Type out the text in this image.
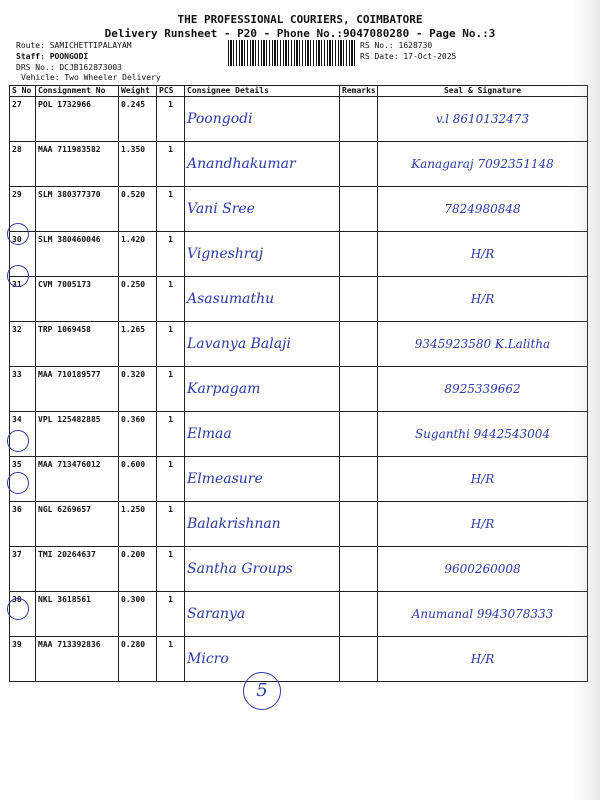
THE PROFESSIONAL COURIERS, COIMBATORE
Delivery Runsheet - P20 - Phone No.:9047080280 - Page No.:3
Route: SAMICHETTIPALAYAM
Staff: POONGODI
DRS No.: DCJB162873003
Vehicle: Two Wheeler Delivery
RS No.: 1628730
RS Date: 17-Oct-2025
S No	Consignment No	Weight	PCS	Consignee Details	Remarks	Seal & Signature
27	POL 1732966	0.245	1	Poongodi		v.l 8610132473
28	MAA 711983582	1.350	1	Anandhakumar		Kanagaraj 7092351148
29	SLM 380377370	0.520	1	Vani Sree		7824980848
30	SLM 380460046	1.420	1	Vigneshraj		H/R
31	CVM 7005173	0.250	1	Asasumathu		H/R
32	TRP 1069458	1.265	1	Lavanya Balaji		9345923580 K.Lalitha
33	MAA 710189577	0.320	1	Karpagam		8925339662
34	VPL 125482885	0.360	1	Elmaa		Suganthi 9442543004
35	MAA 713476012	0.600	1	Elmeasure		H/R
36	NGL 6269657	1.250	1	Balakrishnan		H/R
37	TMI 20264637	0.200	1	Santha Groups		9600260008
38	NKL 3618561	0.300	1	Saranya		Anumanal 9943078333
39	MAA 713392836	0.280	1	Micro		H/R
5
